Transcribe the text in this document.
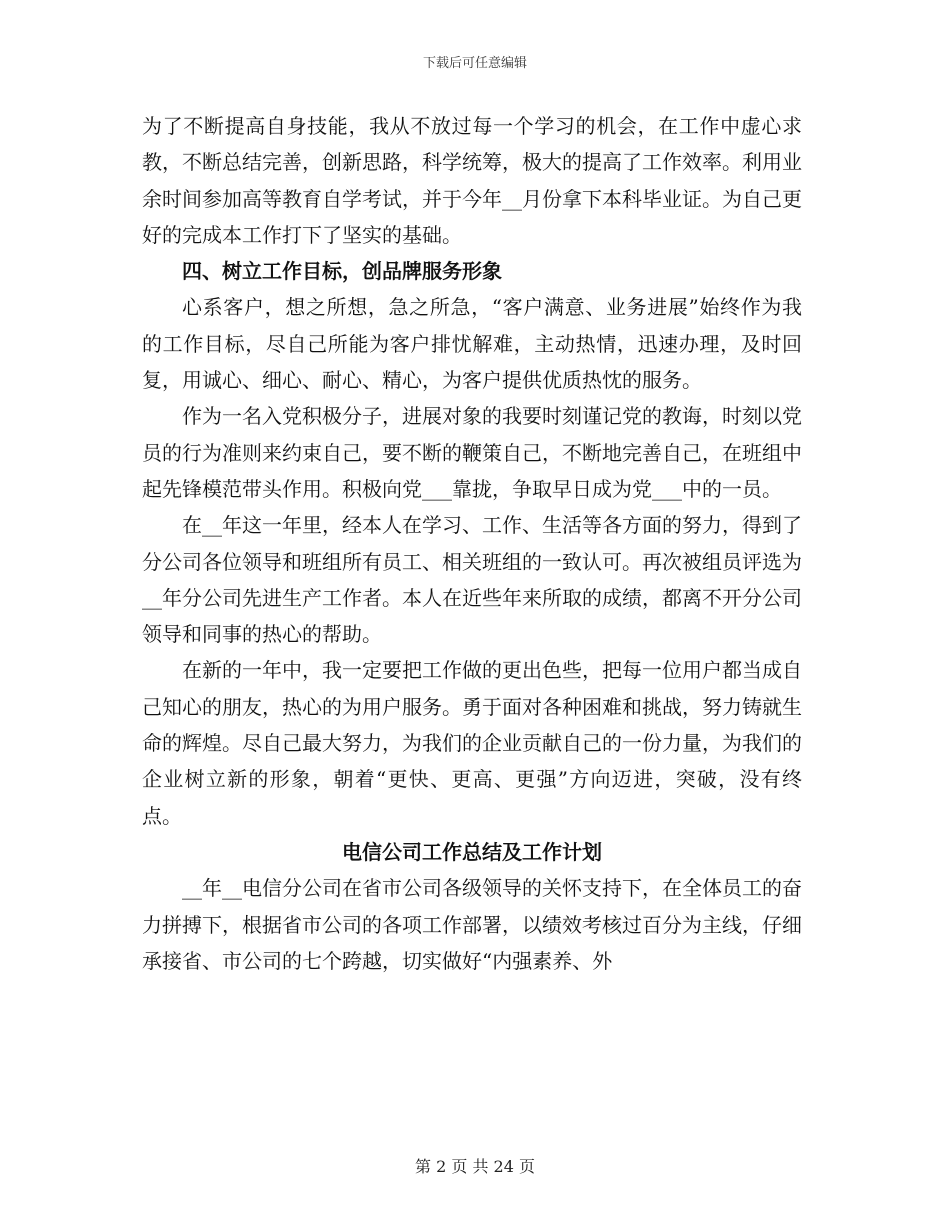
下载后可任意编辑

为了不断提高自身技能，我从不放过每一个学习的机会，在工作中虚心求教，不断总结完善，创新思路，科学统筹，极大的提高了工作效率。利用业余时间参加高等教育自学考试，并于今年__月份拿下本科毕业证。为自己更好的完成本工作打下了坚实的基础。

四、树立工作目标，创品牌服务形象

心系客户，想之所想，急之所急，“客户满意、业务进展”始终作为我的工作目标，尽自己所能为客户排忧解难，主动热情，迅速办理，及时回复，用诚心、细心、耐心、精心，为客户提供优质热忱的服务。

作为一名入党积极分子，进展对象的我要时刻谨记党的教诲，时刻以党员的行为准则来约束自己，要不断的鞭策自己，不断地完善自己，在班组中起先锋模范带头作用。积极向党___靠拢，争取早日成为党___中的一员。

在__年这一年里，经本人在学习、工作、生活等各方面的努力，得到了分公司各位领导和班组所有员工、相关班组的一致认可。再次被组员评选为__年分公司先进生产工作者。本人在近些年来所取的成绩，都离不开分公司领导和同事的热心的帮助。

在新的一年中，我一定要把工作做的更出色些，把每一位用户都当成自己知心的朋友，热心的为用户服务。勇于面对各种困难和挑战，努力铸就生命的辉煌。尽自己最大努力，为我们的企业贡献自己的一份力量，为我们的企业树立新的形象，朝着“更快、更高、更强”方向迈进，突破，没有终点。

电信公司工作总结及工作计划

__年__电信分公司在省市公司各级领导的关怀支持下，在全体员工的奋力拼搏下，根据省市公司的各项工作部署，以绩效考核过百分为主线，仔细承接省、市公司的七个跨越，切实做好“内强素养、外

第 2 页 共 24 页
